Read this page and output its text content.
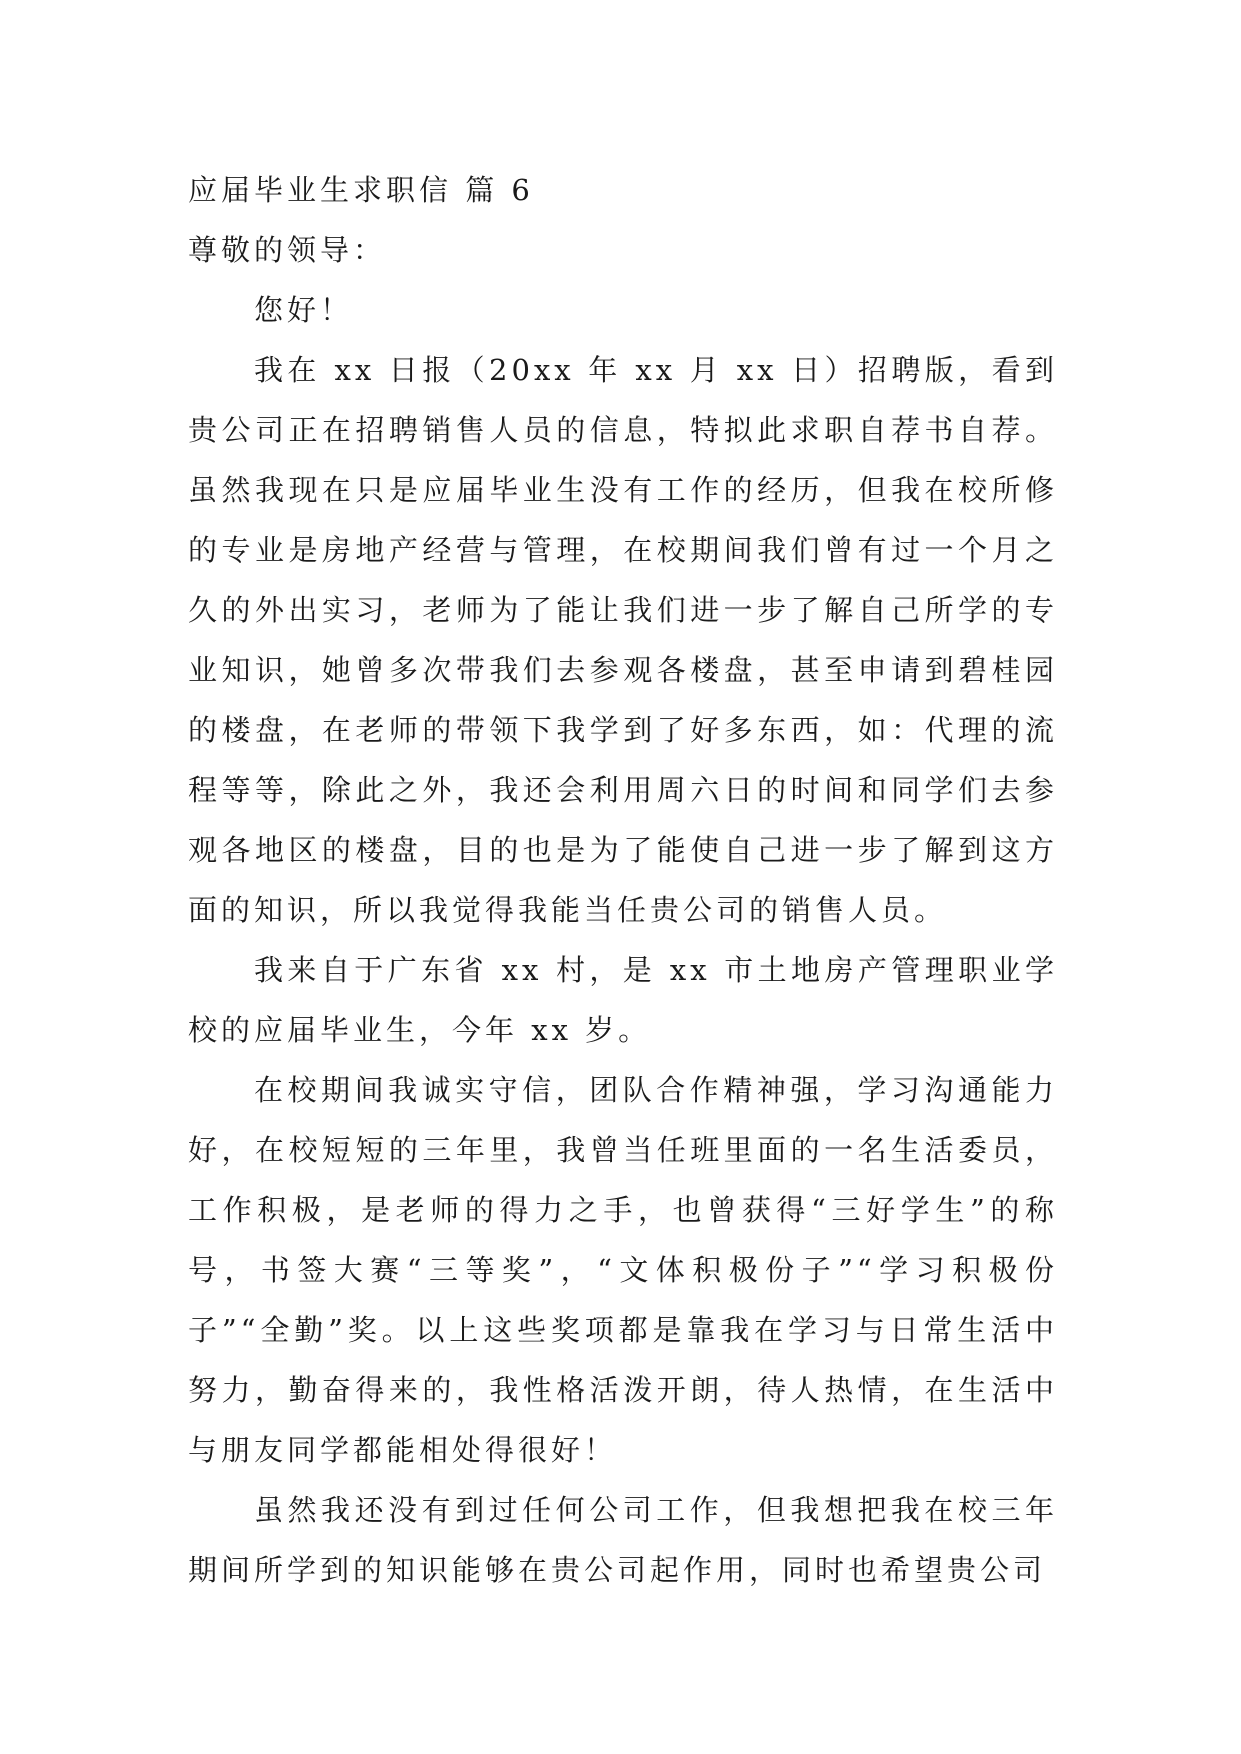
应届毕业生求职信 篇 6

尊敬的领导：

您好！

我在 xx 日报（20xx 年 xx 月 xx 日）招聘版，看到贵公司正在招聘销售人员的信息，特拟此求职自荐书自荐。虽然我现在只是应届毕业生没有工作的经历，但我在校所修的专业是房地产经营与管理，在校期间我们曾有过一个月之久的外出实习，老师为了能让我们进一步了解自己所学的专业知识，她曾多次带我们去参观各楼盘，甚至申请到碧桂园的楼盘，在老师的带领下我学到了好多东西，如：代理的流程等等，除此之外，我还会利用周六日的时间和同学们去参观各地区的楼盘，目的也是为了能使自己进一步了解到这方面的知识，所以我觉得我能当任贵公司的销售人员。

我来自于广东省 xx 村，是 xx 市土地房产管理职业学校的应届毕业生，今年 xx 岁。

在校期间我诚实守信，团队合作精神强，学习沟通能力好，在校短短的三年里，我曾当任班里面的一名生活委员，工作积极，是老师的得力之手，也曾获得“三好学生”的称号，书签大赛“三等奖”，“文体积极份子”“学习积极份子”“全勤”奖。以上这些奖项都是靠我在学习与日常生活中努力，勤奋得来的，我性格活泼开朗，待人热情，在生活中与朋友同学都能相处得很好！

虽然我还没有到过任何公司工作，但我想把我在校三年期间所学到的知识能够在贵公司起作用，同时也希望贵公司
